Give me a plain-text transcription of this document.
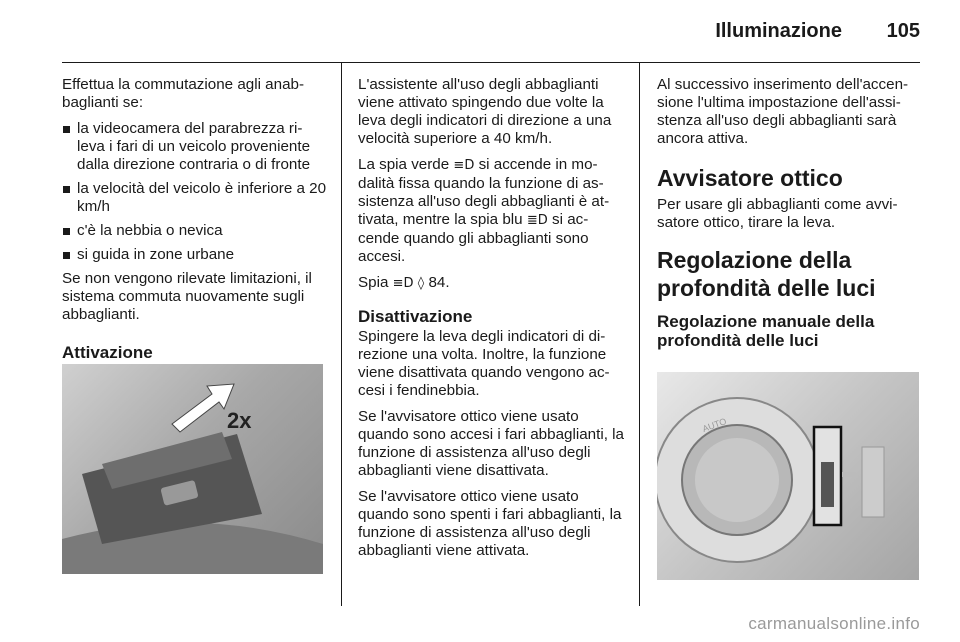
Illuminazione 105

Effettua la commutazione agli anab-baglianti se:

la videocamera del parabrezza ri-leva i fari di un veicolo proveniente dalla direzione contraria o di fronte
la velocità del veicolo è inferiore a 20 km/h
c'è la nebbia o nevica
si guida in zone urbane

Se non vengono rilevate limitazioni, il sistema commuta nuovamente sugli abbaglianti.

Attivazione
2x

L'assistente all'uso degli abbaglianti viene attivato spingendo due volte la leva degli indicatori di direzione a una velocità superiore a 40 km/h.

La spia verde ≡D si accende in mo-dalità fissa quando la funzione di as-sistenza all'uso degli abbaglianti è at-tivata, mentre la spia blu ≣D si ac-cende quando gli abbaglianti sono accesi.

Spia ≡D ◊ 84.

Disattivazione

Spingere la leva degli indicatori di di-rezione una volta. Inoltre, la funzione viene disattivata quando vengono ac-cesi i fendinebbia.

Se l'avvisatore ottico viene usato quando sono accesi i fari abbaglianti, la funzione di assistenza all'uso degli abbaglianti viene disattivata.

Se l'avvisatore ottico viene usato quando sono spenti i fari abbaglianti, la funzione di assistenza all'uso degli abbaglianti viene attivata.

Al successivo inserimento dell'accen-sione l'ultima impostazione dell'assi-stenza all'uso degli abbaglianti sarà ancora attiva.

Avvisatore ottico

Per usare gli abbaglianti come avvi-satore ottico, tirare la leva.

Regolazione della profondità delle luci
Regolazione manuale della profondità delle luci
AUTO
carmanualsonline.info
